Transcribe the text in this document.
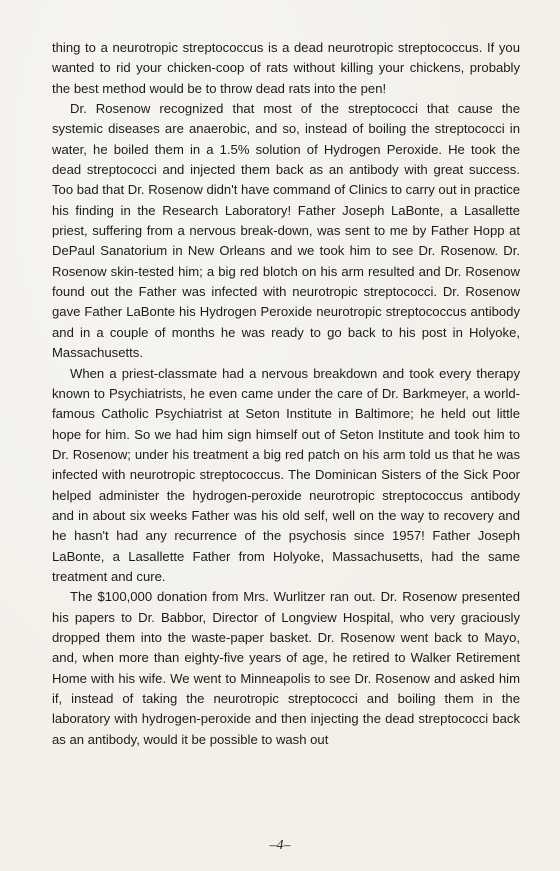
thing to a neurotropic streptococcus is a dead neurotropic streptococcus. If you wanted to rid your chicken-coop of rats without killing your chickens, probably the best method would be to throw dead rats into the pen!

Dr. Rosenow recognized that most of the streptococci that cause the systemic diseases are anaerobic, and so, instead of boiling the streptococci in water, he boiled them in a 1.5% solution of Hydrogen Peroxide. He took the dead streptococci and injected them back as an antibody with great success. Too bad that Dr. Rosenow didn't have command of Clinics to carry out in practice his finding in the Research Laboratory! Father Joseph LaBonte, a Lasallette priest, suffering from a nervous break-down, was sent to me by Father Hopp at DePaul Sanatorium in New Orleans and we took him to see Dr. Rosenow. Dr. Rosenow skin-tested him; a big red blotch on his arm resulted and Dr. Rosenow found out the Father was infected with neurotropic streptococci. Dr. Rosenow gave Father LaBonte his Hydrogen Peroxide neurotropic streptococcus antibody and in a couple of months he was ready to go back to his post in Holyoke, Massachusetts.

When a priest-classmate had a nervous breakdown and took every therapy known to Psychiatrists, he even came under the care of Dr. Barkmeyer, a world-famous Catholic Psychiatrist at Seton Institute in Baltimore; he held out little hope for him. So we had him sign himself out of Seton Institute and took him to Dr. Rosenow; under his treatment a big red patch on his arm told us that he was infected with neurotropic streptococcus. The Dominican Sisters of the Sick Poor helped administer the hydrogen-peroxide neurotropic streptococcus antibody and in about six weeks Father was his old self, well on the way to recovery and he hasn't had any recurrence of the psychosis since 1957! Father Joseph LaBonte, a Lasallette Father from Holyoke, Massachusetts, had the same treatment and cure.

The $100,000 donation from Mrs. Wurlitzer ran out. Dr. Rosenow presented his papers to Dr. Babbor, Director of Longview Hospital, who very graciously dropped them into the waste-paper basket. Dr. Rosenow went back to Mayo, and, when more than eighty-five years of age, he retired to Walker Retirement Home with his wife. We went to Minneapolis to see Dr. Rosenow and asked him if, instead of taking the neurotropic streptococci and boiling them in the laboratory with hydrogen-peroxide and then injecting the dead streptococci back as an antibody, would it be possible to wash out

–4–
